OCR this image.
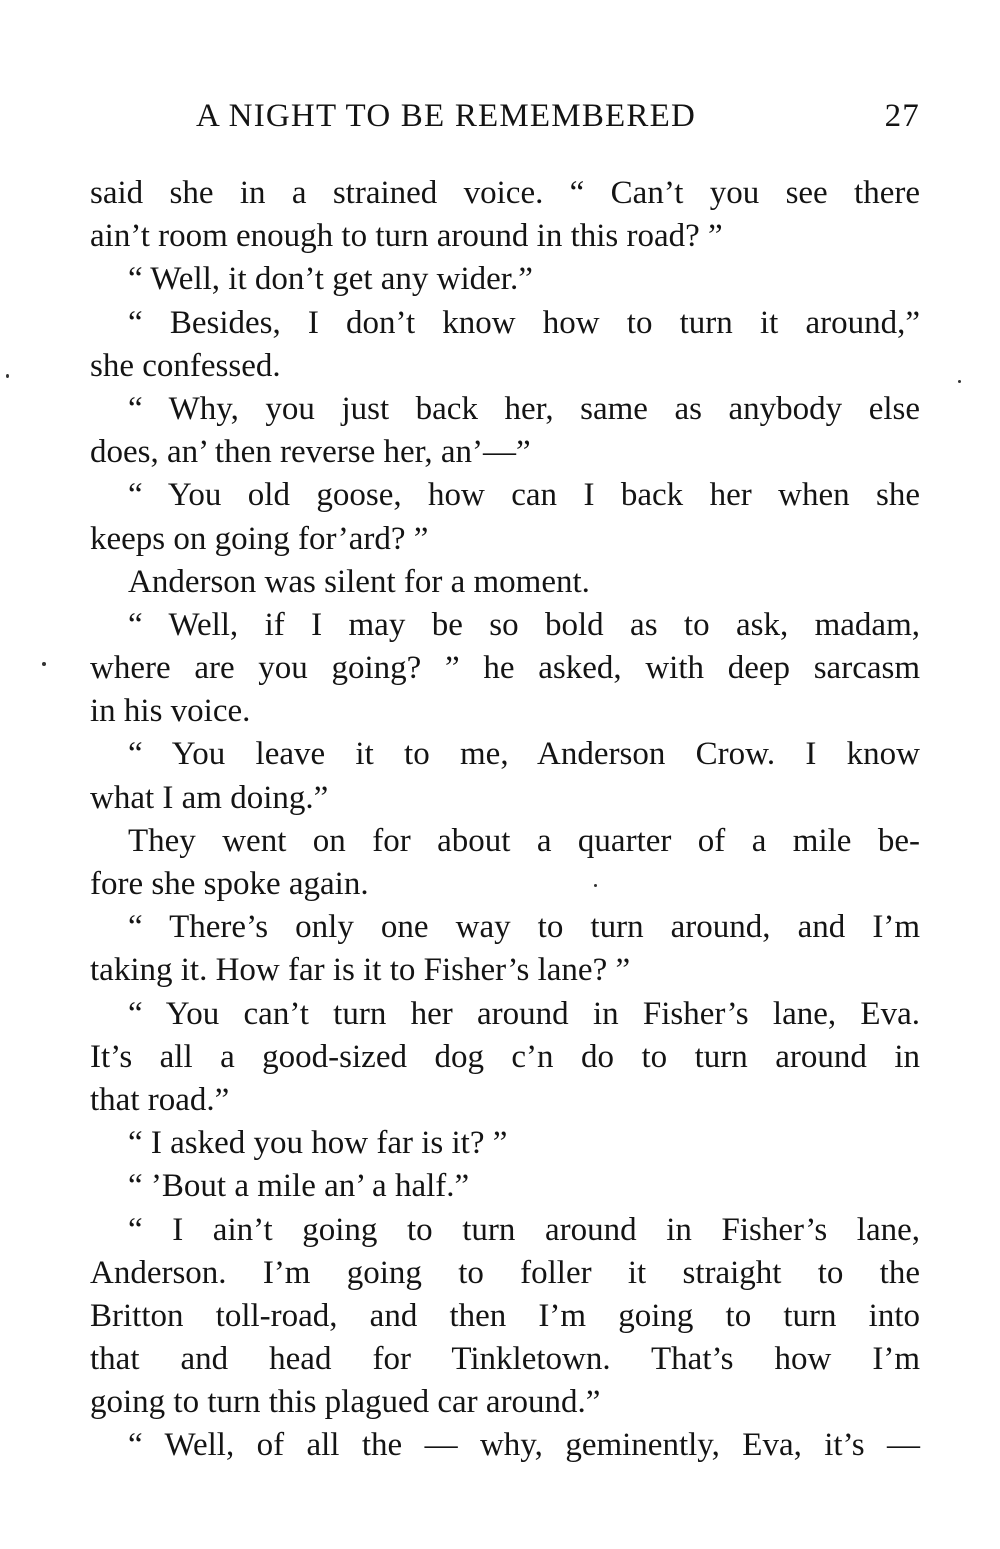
A NIGHT TO BE REMEMBERED	27
said she in a strained voice. “ Can’t you see there
ain’t room enough to turn around in this road? ”
“ Well, it don’t get any wider.”
“ Besides, I don’t know how to turn it around,”
she confessed.
“ Why, you just back her, same as anybody else
does, an’ then reverse her, an’—”
“ You old goose, how can I back her when she
keeps on going for’ard? ”
Anderson was silent for a moment.
“ Well, if I may be so bold as to ask, madam,
where are you going? ” he asked, with deep sarcasm
in his voice.
“ You leave it to me, Anderson Crow. I know
what I am doing.”
They went on for about a quarter of a mile be-
fore she spoke again.
“ There’s only one way to turn around, and I’m
taking it. How far is it to Fisher’s lane? ”
“ You can’t turn her around in Fisher’s lane, Eva.
It’s all a good-sized dog c’n do to turn around in
that road.”
“ I asked you how far is it? ”
“ ’Bout a mile an’ a half.”
“ I ain’t going to turn around in Fisher’s lane,
Anderson. I’m going to foller it straight to the
Britton toll-road, and then I’m going to turn into
that and head for Tinkletown. That’s how I’m
going to turn this plagued car around.”
“ Well, of all the — why, geminently, Eva, it’s —
